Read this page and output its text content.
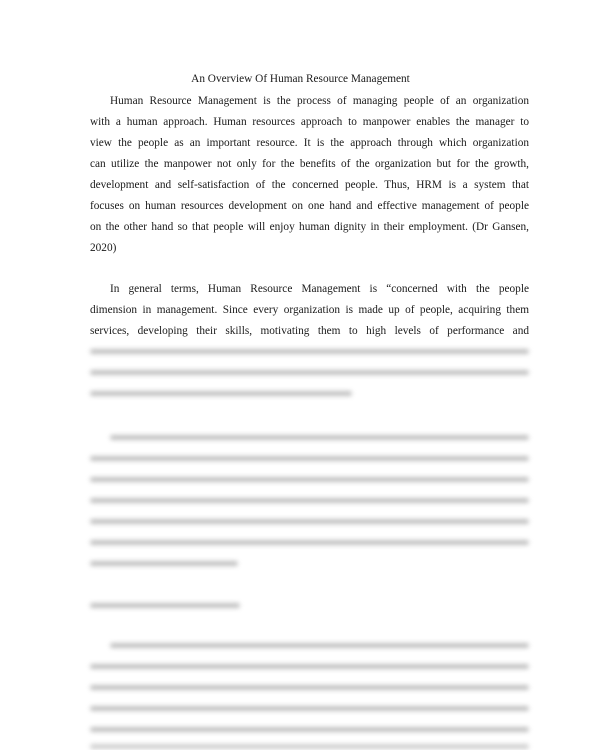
An Overview Of Human Resource Management
Human Resource Management is the process of managing people of an organization
with a human approach. Human resources approach to manpower enables the manager to
view the people as an important resource. It is the approach through which organization
can utilize the manpower not only for the benefits of the organization but for the growth,
development and self-satisfaction of the concerned people. Thus, HRM is a system that
focuses on human resources development on one hand and effective management of people
on the other hand so that people will enjoy human dignity in their employment. (Dr Gansen,
2020)
In general terms, Human Resource Management is “concerned with the people
dimension in management. Since every organization is made up of people, acquiring them
services, developing their skills, motivating them to high levels of performance and
